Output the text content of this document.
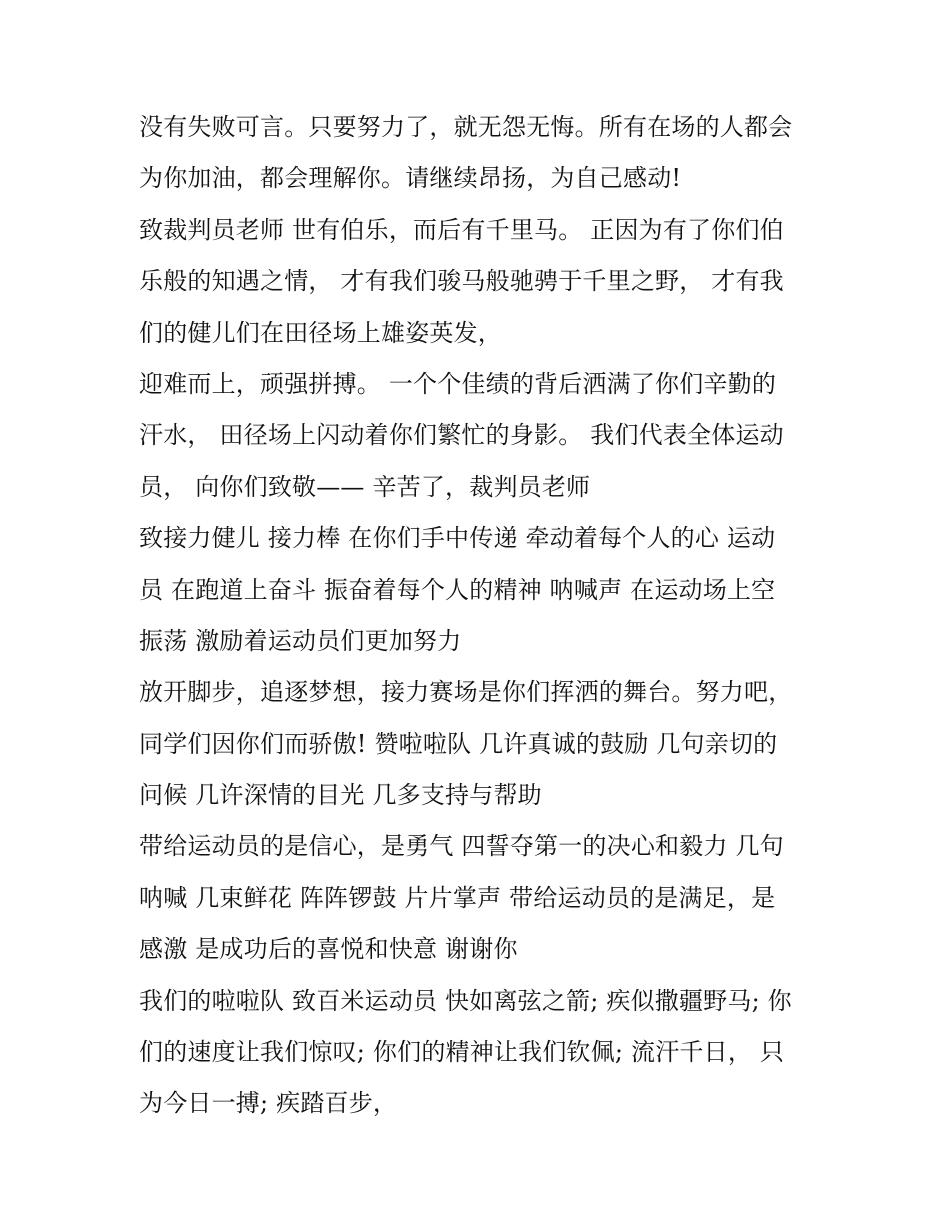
没有失败可言。只要努力了，就无怨无悔。所有在场的人都会
为你加油，都会理解你。请继续昂扬，为自己感动!
致裁判员老师 世有伯乐，而后有千里马。 正因为有了你们伯
乐般的知遇之情， 才有我们骏马般驰骋于千里之野， 才有我
们的健儿们在田径场上雄姿英发，
迎难而上，顽强拼搏。 一个个佳绩的背后洒满了你们辛勤的
汗水， 田径场上闪动着你们繁忙的身影。 我们代表全体运动
员， 向你们致敬—— 辛苦了，裁判员老师
致接力健儿 接力棒 在你们手中传递 牵动着每个人的心 运动
员 在跑道上奋斗 振奋着每个人的精神 呐喊声 在运动场上空
振荡 激励着运动员们更加努力
放开脚步，追逐梦想，接力赛场是你们挥洒的舞台。努力吧，
同学们因你们而骄傲! 赞啦啦队 几许真诚的鼓励 几句亲切的
问候 几许深情的目光 几多支持与帮助
带给运动员的是信心，是勇气 四誓夺第一的决心和毅力 几句
呐喊 几束鲜花 阵阵锣鼓 片片掌声 带给运动员的是满足，是
感激 是成功后的喜悦和快意 谢谢你
我们的啦啦队 致百米运动员 快如离弦之箭; 疾似撒疆野马; 你
们的速度让我们惊叹; 你们的精神让我们钦佩; 流汗千日， 只
为今日一搏; 疾踏百步，
